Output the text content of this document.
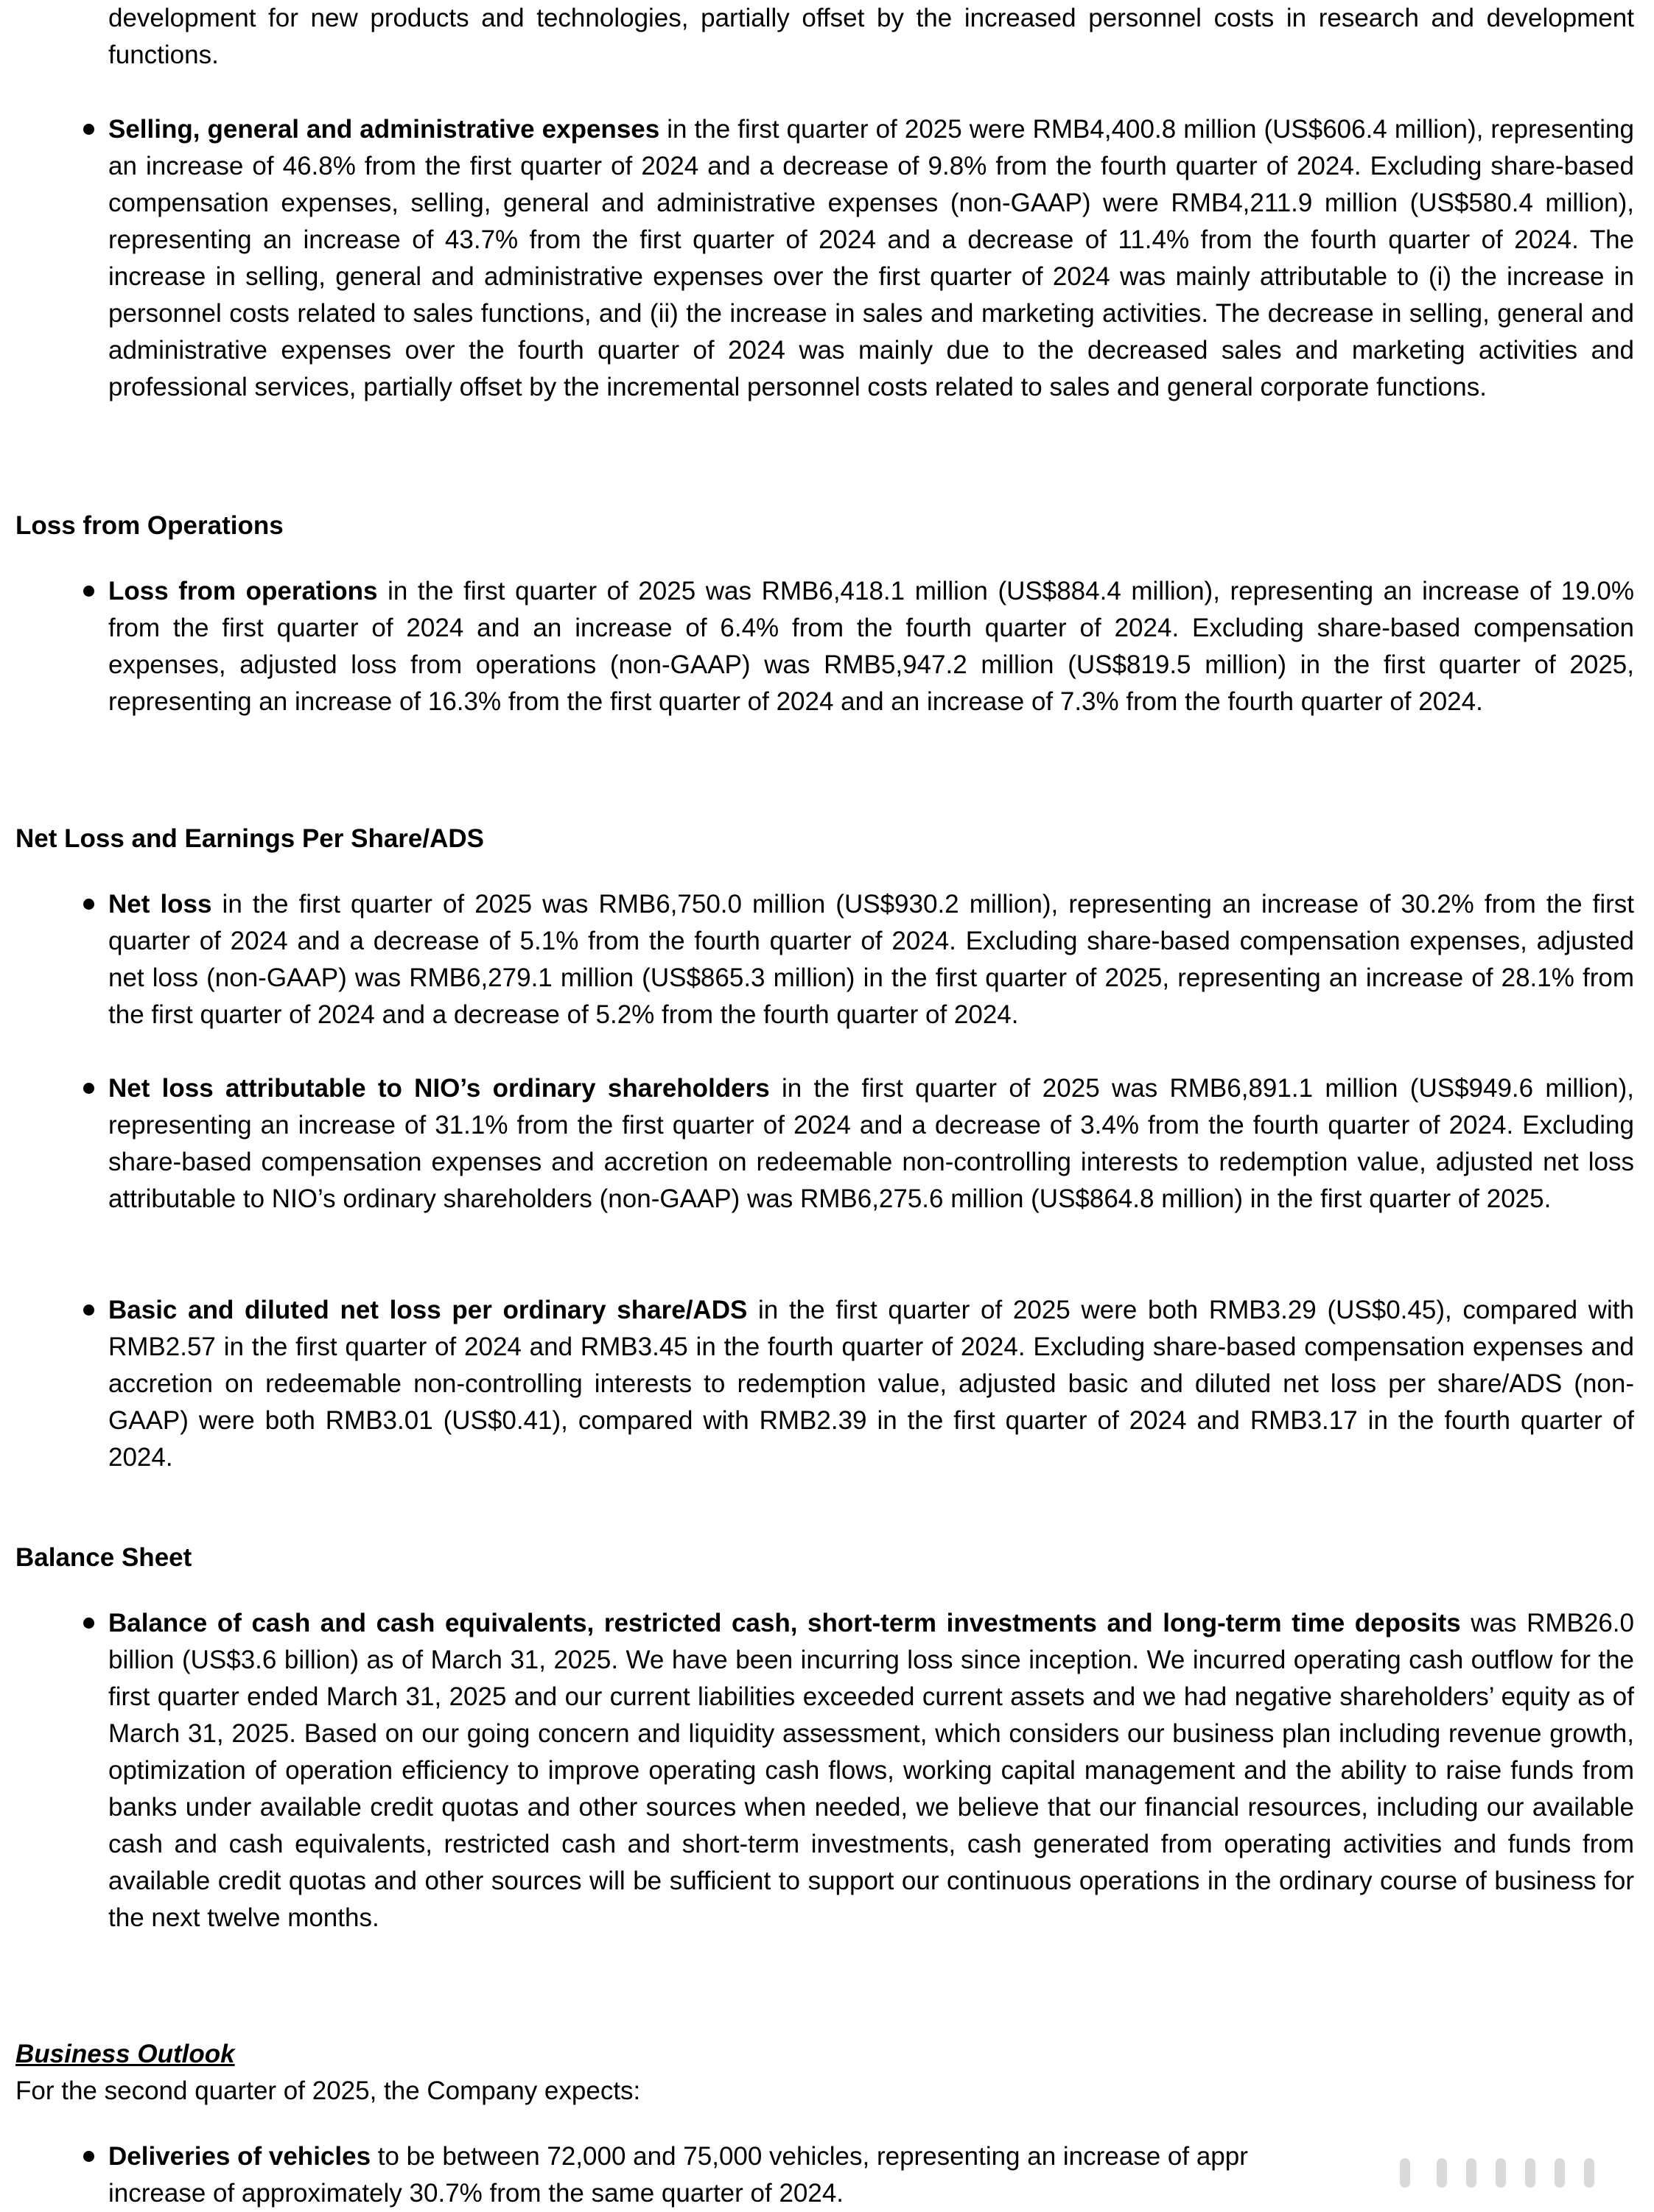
development for new products and technologies, partially offset by the increased personnel costs in research and development functions.

Selling, general and administrative expenses in the first quarter of 2025 were RMB4,400.8 million (US$606.4 million), representing an increase of 46.8% from the first quarter of 2024 and a decrease of 9.8% from the fourth quarter of 2024. Excluding share-based compensation expenses, selling, general and administrative expenses (non-GAAP) were RMB4,211.9 million (US$580.4 million), representing an increase of 43.7% from the first quarter of 2024 and a decrease of 11.4% from the fourth quarter of 2024. The increase in selling, general and administrative expenses over the first quarter of 2024 was mainly attributable to (i) the increase in personnel costs related to sales functions, and (ii) the increase in sales and marketing activities. The decrease in selling, general and administrative expenses over the fourth quarter of 2024 was mainly due to the decreased sales and marketing activities and professional services, partially offset by the incremental personnel costs related to sales and general corporate functions.

Loss from Operations

Loss from operations in the first quarter of 2025 was RMB6,418.1 million (US$884.4 million), representing an increase of 19.0% from the first quarter of 2024 and an increase of 6.4% from the fourth quarter of 2024. Excluding share-based compensation expenses, adjusted loss from operations (non-GAAP) was RMB5,947.2 million (US$819.5 million) in the first quarter of 2025, representing an increase of 16.3% from the first quarter of 2024 and an increase of 7.3% from the fourth quarter of 2024.

Net Loss and Earnings Per Share/ADS

Net loss in the first quarter of 2025 was RMB6,750.0 million (US$930.2 million), representing an increase of 30.2% from the first quarter of 2024 and a decrease of 5.1% from the fourth quarter of 2024. Excluding share-based compensation expenses, adjusted net loss (non-GAAP) was RMB6,279.1 million (US$865.3 million) in the first quarter of 2025, representing an increase of 28.1% from the first quarter of 2024 and a decrease of 5.2% from the fourth quarter of 2024.

Net loss attributable to NIO’s ordinary shareholders in the first quarter of 2025 was RMB6,891.1 million (US$949.6 million), representing an increase of 31.1% from the first quarter of 2024 and a decrease of 3.4% from the fourth quarter of 2024. Excluding share-based compensation expenses and accretion on redeemable non-controlling interests to redemption value, adjusted net loss attributable to NIO’s ordinary shareholders (non-GAAP) was RMB6,275.6 million (US$864.8 million) in the first quarter of 2025.

Basic and diluted net loss per ordinary share/ADS in the first quarter of 2025 were both RMB3.29 (US$0.45), compared with RMB2.57 in the first quarter of 2024 and RMB3.45 in the fourth quarter of 2024. Excluding share-based compensation expenses and accretion on redeemable non-controlling interests to redemption value, adjusted basic and diluted net loss per share/ADS (non-GAAP) were both RMB3.01 (US$0.41), compared with RMB2.39 in the first quarter of 2024 and RMB3.17 in the fourth quarter of 2024.

Balance Sheet

Balance of cash and cash equivalents, restricted cash, short-term investments and long-term time deposits was RMB26.0 billion (US$3.6 billion) as of March 31, 2025. We have been incurring loss since inception. We incurred operating cash outflow for the first quarter ended March 31, 2025 and our current liabilities exceeded current assets and we had negative shareholders’ equity as of March 31, 2025. Based on our going concern and liquidity assessment, which considers our business plan including revenue growth, optimization of operation efficiency to improve operating cash flows, working capital management and the ability to raise funds from banks under available credit quotas and other sources when needed, we believe that our financial resources, including our available cash and cash equivalents, restricted cash and short-term investments, cash generated from operating activities and funds from available credit quotas and other sources will be sufficient to support our continuous operations in the ordinary course of business for the next twelve months.

Business Outlook

For the second quarter of 2025, the Company expects:

Deliveries of vehicles to be between 72,000 and 75,000 vehicles, representing an increase of appr

increase of approximately 30.7% from the same quarter of 2024.
